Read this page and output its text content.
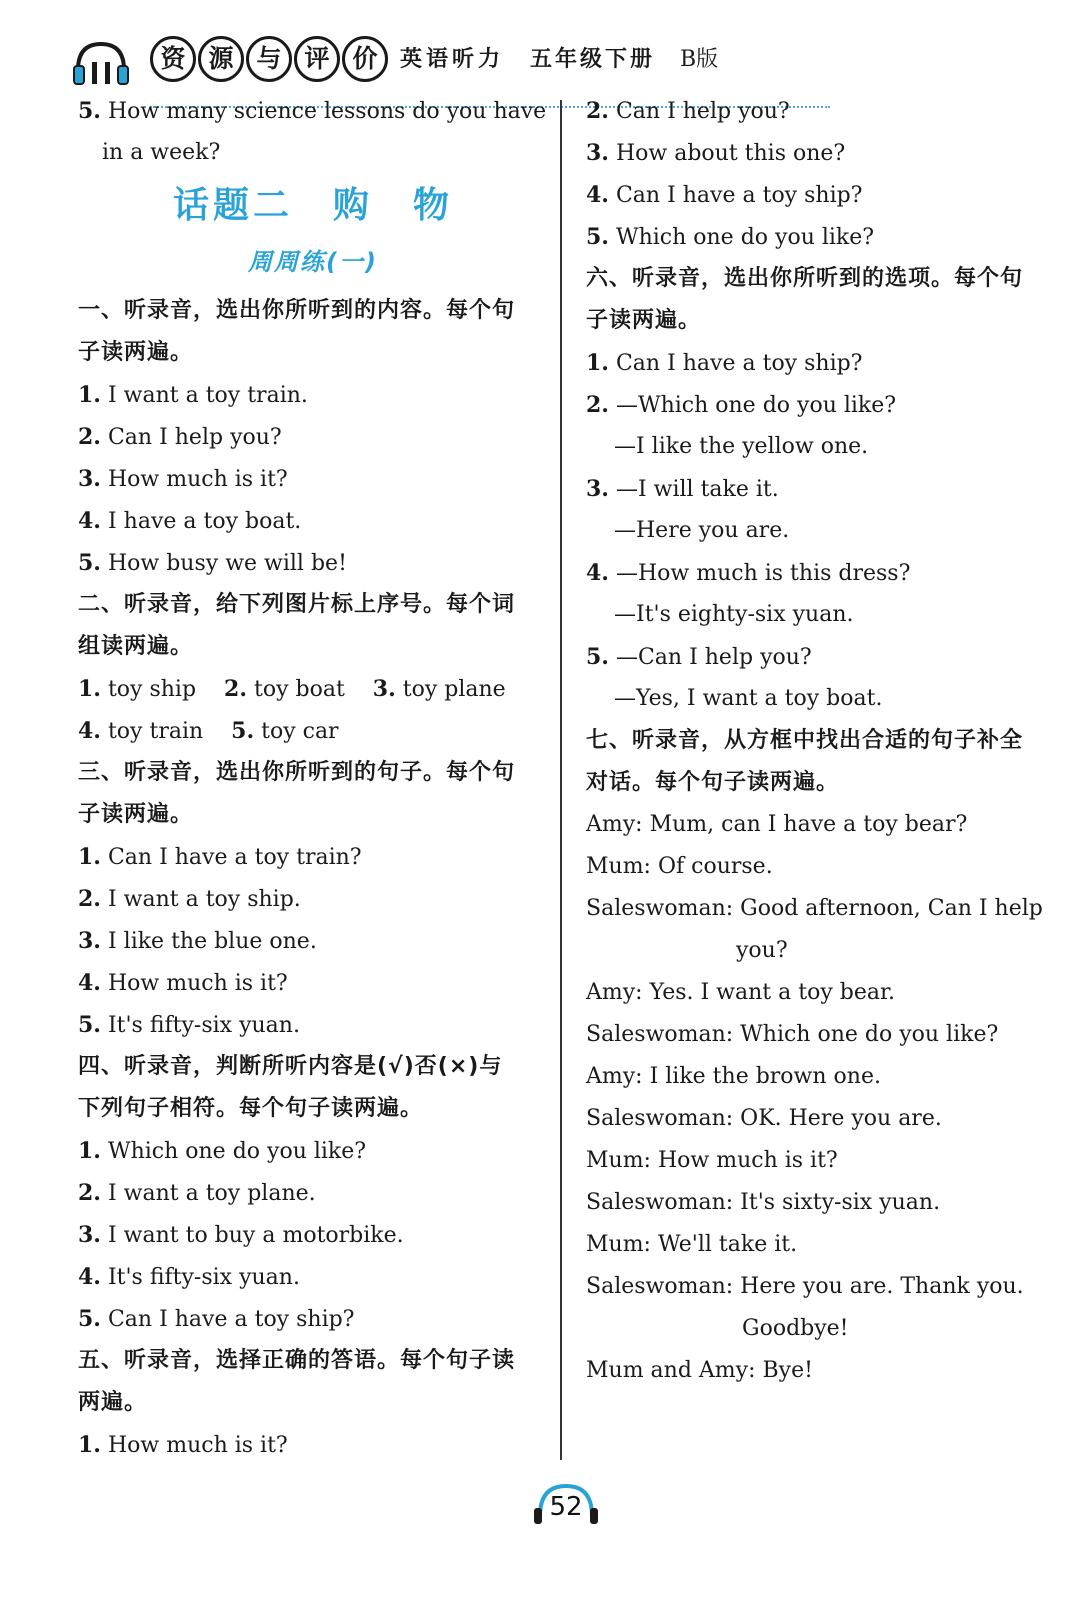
资 源 与 评 价	英语听力 五年级下册 B版
5. How many science lessons do you have
in a week?
话题二　购　物
周周练(一)
一、听录音，选出你所听到的内容。每个句
子读两遍。
1. I want a toy train.
2. Can I help you?
3. How much is it?
4. I have a toy boat.
5. How busy we will be!
二、听录音，给下列图片标上序号。每个词
组读两遍。
1. toy ship 2. toy boat 3. toy plane
4. toy train 5. toy car
三、听录音，选出你所听到的句子。每个句
子读两遍。
1. Can I have a toy train?
2. I want a toy ship.
3. I like the blue one.
4. How much is it?
5. It's fifty-six yuan.
四、听录音，判断所听内容是(√)否(×)与
下列句子相符。每个句子读两遍。
1. Which one do you like?
2. I want a toy plane.
3. I want to buy a motorbike.
4. It's fifty-six yuan.
5. Can I have a toy ship?
五、听录音，选择正确的答语。每个句子读
两遍。
1. How much is it?
2. Can I help you?
3. How about this one?
4. Can I have a toy ship?
5. Which one do you like?
六、听录音，选出你所听到的选项。每个句
子读两遍。
1. Can I have a toy ship?
2. —Which one do you like?
—I like the yellow one.
3. —I will take it.
—Here you are.
4. —How much is this dress?
—It's eighty-six yuan.
5. —Can I help you?
—Yes, I want a toy boat.
七、听录音，从方框中找出合适的句子补全
对话。每个句子读两遍。
Amy: Mum, can I have a toy bear?
Mum: Of course.
Saleswoman: Good afternoon, Can I help
you?
Amy: Yes. I want a toy bear.
Saleswoman: Which one do you like?
Amy: I like the brown one.
Saleswoman: OK. Here you are.
Mum: How much is it?
Saleswoman: It's sixty-six yuan.
Mum: We'll take it.
Saleswoman: Here you are. Thank you.
Goodbye!
Mum and Amy: Bye!
52
